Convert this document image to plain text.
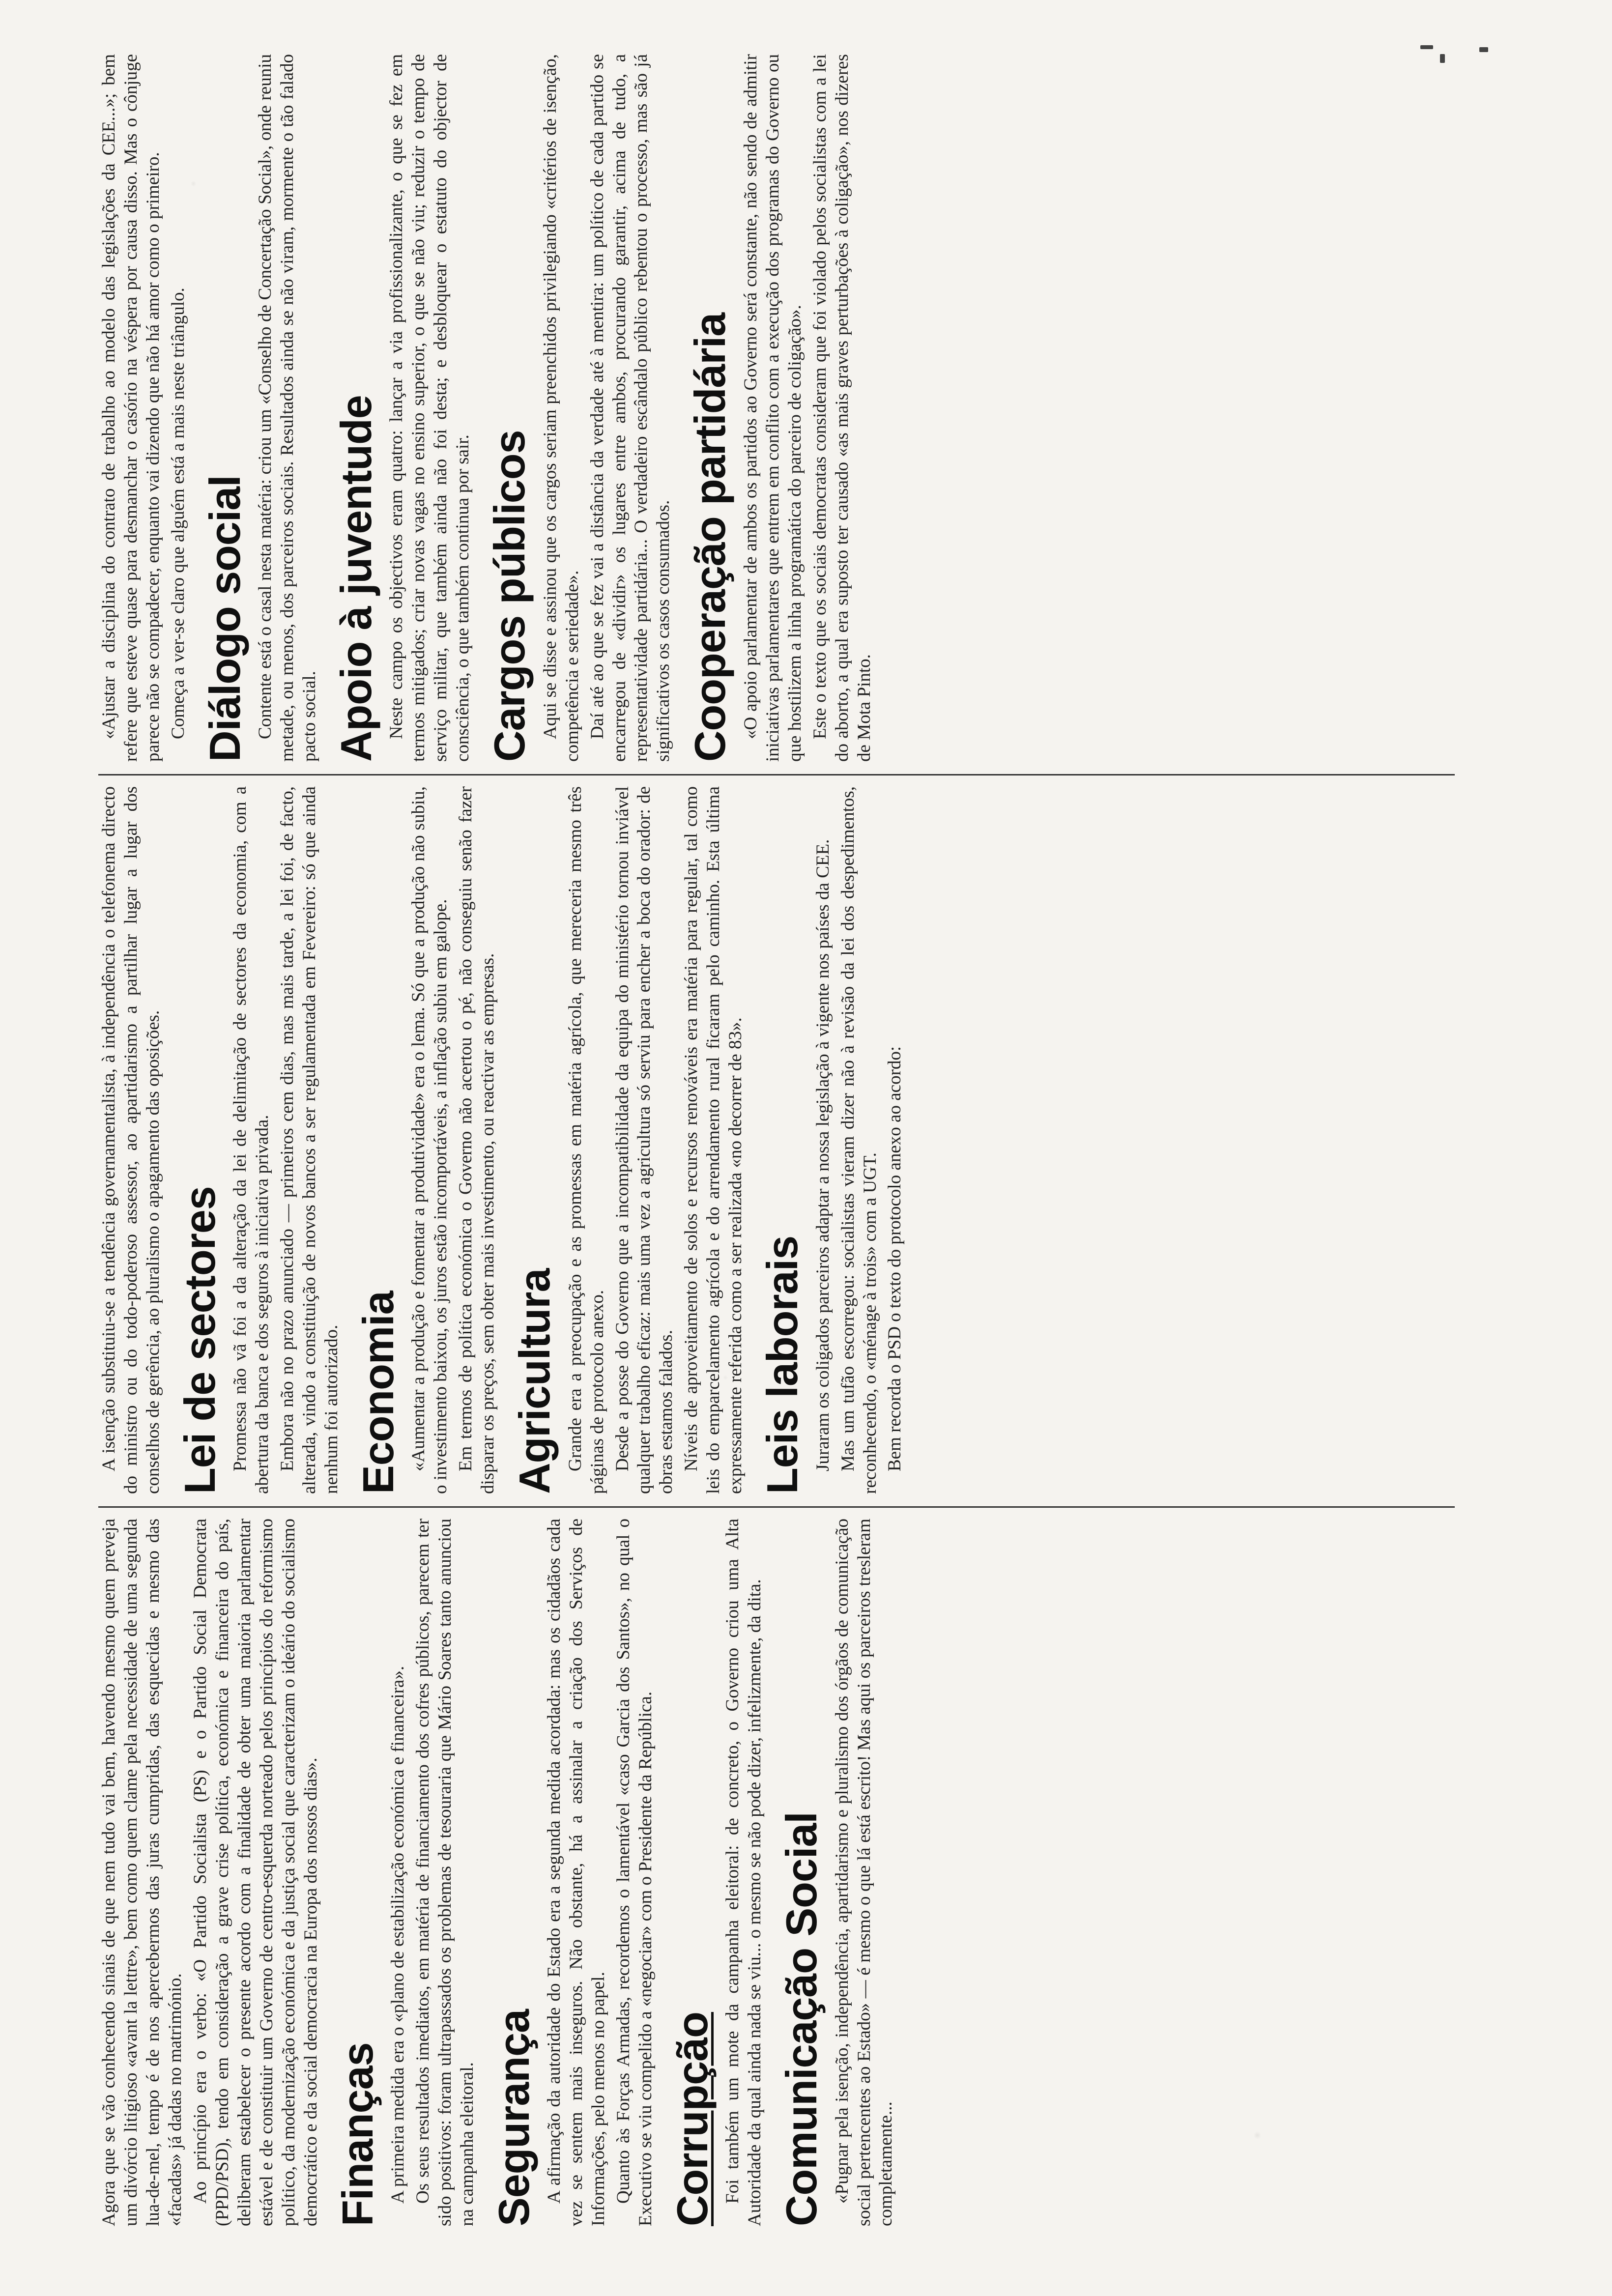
Agora que se vão conhecendo sinais de que nem tudo vai bem, havendo mesmo quem preveja um divórcio litigioso «avant la lettre», bem como quem clame pela necessidade de uma segunda lua-de-mel, tempo é de nos apercebermos das juras cumpridas, das esquecidas e mesmo das «facadas» já dadas no matrimónio. Ao princípio era o verbo: «O Partido Socialista (PS) e o Partido Social Democrata (PPD/PSD), tendo em consideração a grave crise política, económica e financeira do país, deliberam estabelecer o presente acordo com a finalidade de obter uma maioria parlamentar estável e de constituir um Governo de centro-esquerda norteado pelos princípios do reformismo político, da modernização económica e da justiça social que caracterizam o ideário do socialismo democrático e da social democracia na Europa dos nossos dias». Finanças A primeira medida era o «plano de estabilização económica e financeira». Os seus resultados imediatos, em matéria de financiamento dos cofres públicos, parecem ter sido positivos: foram ultrapassados os problemas de tesouraria que Mário Soares tanto anunciou na campanha eleitoral. Segurança A afirmação da autoridade do Estado era a segunda medida acordada: mas os cidadãos cada vez se sentem mais inseguros. Não obstante, há a assinalar a criação dos Serviços de Informações, pelo menos no papel. Quanto às Forças Armadas, recordemos o lamentável «caso Garcia dos Santos», no qual o Executivo se viu compelido a «negociar» com o Presidente da República. Corrupção Foi também um mote da campanha eleitoral: de concreto, o Governo criou uma Alta Autoridade da qual ainda nada se viu... o mesmo se não pode dizer, infelizmente, da dita. Comunicação Social «Pugnar pela isenção, independência, apartidarismo e pluralismo dos órgãos de comunicação social pertencentes ao Estado» — é mesmo o que lá está escrito! Mas aqui os parceiros tresleram completamente...

A isenção substituiu-se a tendência governamentalista, à independência o telefonema directo do ministro ou do todo-poderoso assessor, ao apartidarismo a partilhar lugar a lugar dos conselhos de gerência, ao pluralismo o apagamento das oposições. Lei de sectores Promessa não vã foi a da alteração da lei de delimitação de sectores da economia, com a abertura da banca e dos seguros à iniciativa privada. Embora não no prazo anunciado — primeiros cem dias, mas mais tarde, a lei foi, de facto, alterada, vindo a constituição de novos bancos a ser regulamentada em Fevereiro: só que ainda nenhum foi autorizado. Economia «Aumentar a produção e fomentar a produtividade» era o lema. Só que a produção não subiu, o investimento baixou, os juros estão incomportáveis, a inflação subiu em galope. Em termos de política económica o Governo não acertou o pé, não conseguiu senão fazer disparar os preços, sem obter mais investimento, ou reactivar as empresas. Agricultura Grande era a preocupação e as promessas em matéria agrícola, que mereceria mesmo três páginas de protocolo anexo. Desde a posse do Governo que a incompatibilidade da equipa do ministério tornou inviável qualquer trabalho eficaz: mais uma vez a agricultura só serviu para encher a boca do orador: de obras estamos falados. Níveis de aproveitamento de solos e recursos renováveis era matéria para regular, tal como leis do emparcelamento agrícola e do arrendamento rural ficaram pelo caminho. Esta última expressamente referida como a ser realizada «no decorrer de 83». Leis laborais Juraram os coligados parceiros adaptar a nossa legislação à vigente nos países da CEE. Mas um tufão escorregou: socialistas vieram dizer não à revisão da lei dos despedimentos, reconhecendo, o «ménage à trois» com a UGT. Bem recorda o PSD o texto do protocolo anexo ao acordo:

«Ajustar a disciplina do contrato de trabalho ao modelo das legislações da CEE...»; bem refere que esteve quase para desmanchar o casório na véspera por causa disso. Mas o cônjuge parece não se compadecer, enquanto vai dizendo que não há amor como o primeiro. Começa a ver-se claro que alguém está a mais neste triângulo. Diálogo social Contente está o casal nesta matéria: criou um «Conselho de Concertação Social», onde reuniu metade, ou menos, dos parceiros sociais. Resultados ainda se não viram, mormente o tão falado pacto social. Apoio à juventude Neste campo os objectivos eram quatro: lançar a via profissionalizante, o que se fez em termos mitigados; criar novas vagas no ensino superior, o que se não viu; reduzir o tempo de serviço militar, que também ainda não foi desta; e desbloquear o estatuto do objector de consciência, o que também continua por sair. Cargos públicos Aqui se disse e assinou que os cargos seriam preenchidos privilegiando «critérios de isenção, competência e seriedade». Daí até ao que se fez vai a distância da verdade até à mentira: um político de cada partido se encarregou de «dividir» os lugares entre ambos, procurando garantir, acima de tudo, a representatividade partidária... O verdadeiro escândalo público rebentou o processo, mas são já significativos os casos consumados. Cooperação partidária «O apoio parlamentar de ambos os partidos ao Governo será constante, não sendo de admitir iniciativas parlamentares que entrem em conflito com a execução dos programas do Governo ou que hostilizem a linha programática do parceiro de coligação». Este o texto que os sociais democratas consideram que foi violado pelos socialistas com a lei do aborto, a qual era suposto ter causado «as mais graves perturbações à coligação», nos dizeres de Mota Pinto.
